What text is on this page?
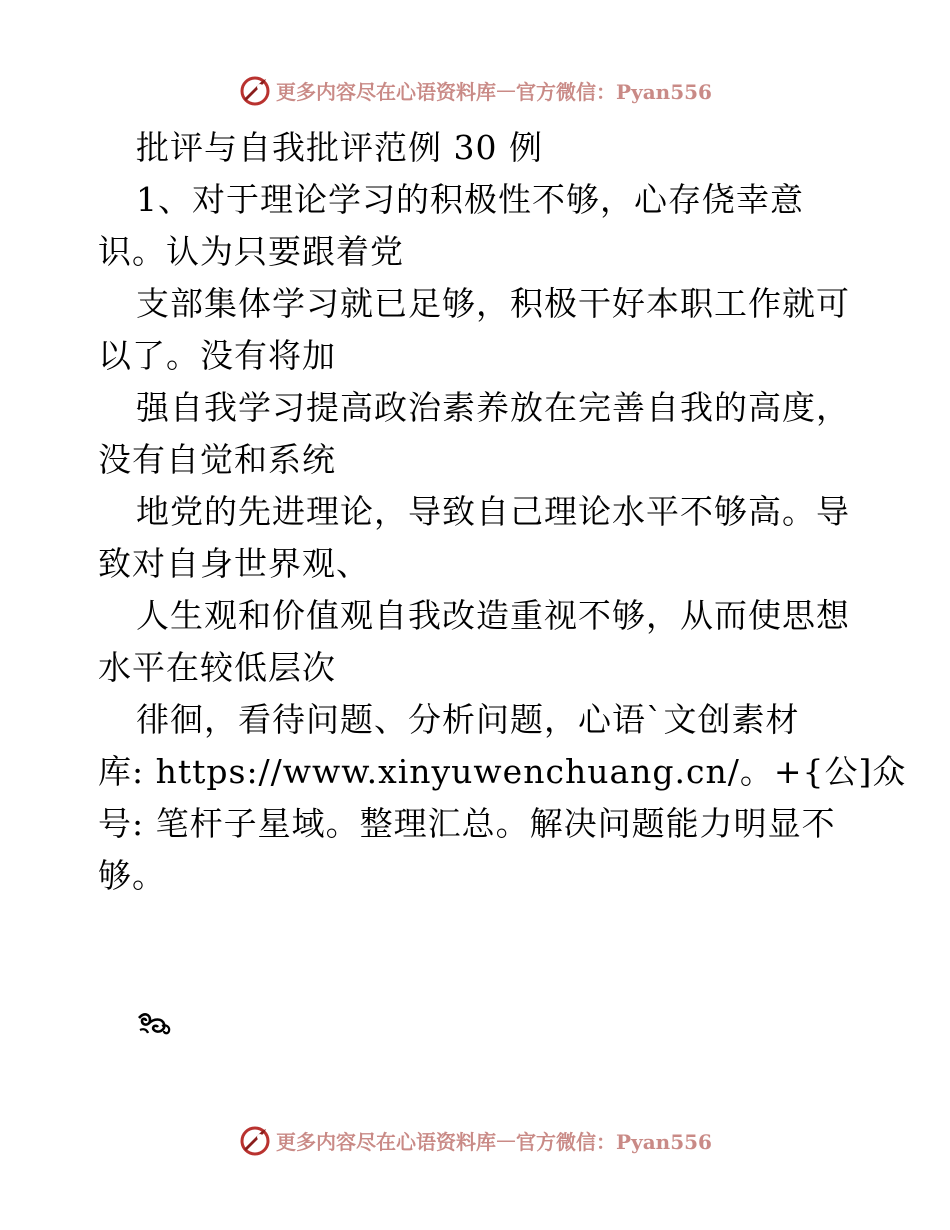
更多内容尽在心语资料库 — 官方微信：Pyan556

批评与自我批评范例 30 例

1、对于理论学习的积极性不够，心存侥幸意

识。认为只要跟着党

支部集体学习就已足够，积极干好本职工作就可

以了。没有将加

强自我学习提高政治素养放在完善自我的高度，

没有自觉和系统

地党的先进理论，导致自己理论水平不够高。导

致对自身世界观、

人生观和价值观自我改造重视不够，从而使思想

水平在较低层次

徘徊，看待问题、分析问题，心语`文创素材

库: https://www.xinyuwenchuang.cn/。+{公]众

号: 笔杆子星域。整理汇总。解决问题能力明显不

够。

更多内容尽在心语资料库 — 官方微信：Pyan556
